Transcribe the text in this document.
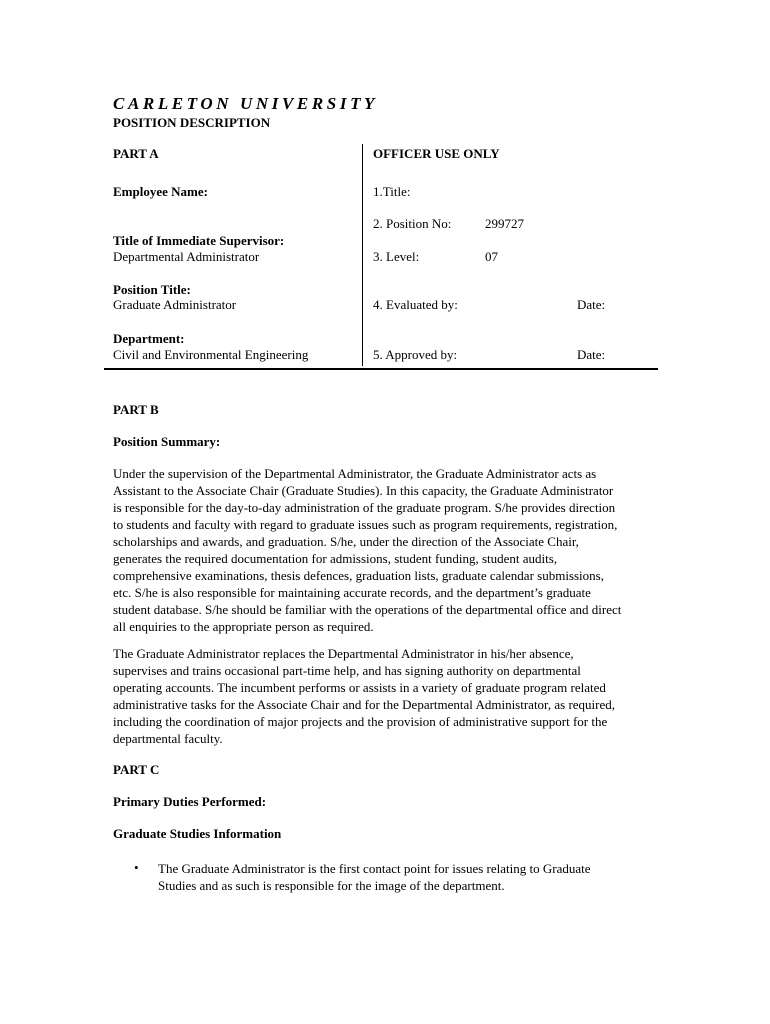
CARLETON UNIVERSITY
POSITION DESCRIPTION
PART A
Employee Name:
Title of Immediate Supervisor:
Departmental Administrator
Position Title:
Graduate Administrator
Department:
Civil and Environmental Engineering
OFFICER USE ONLY
1.Title:
2. Position No:	299727
3. Level:	07
4. Evaluated by:	Date:
5. Approved by:	Date:
PART B
Position Summary:
Under the supervision of the Departmental Administrator, the Graduate Administrator acts as
Assistant to the Associate Chair (Graduate Studies). In this capacity, the Graduate Administrator
is responsible for the day-to-day administration of the graduate program. S/he provides direction
to students and faculty with regard to graduate issues such as program requirements, registration,
scholarships and awards, and graduation. S/he, under the direction of the Associate Chair,
generates the required documentation for admissions, student funding, student audits,
comprehensive examinations, thesis defences, graduation lists, graduate calendar submissions,
etc. S/he is also responsible for maintaining accurate records, and the department’s graduate
student database. S/he should be familiar with the operations of the departmental office and direct
all enquiries to the appropriate person as required.
The Graduate Administrator replaces the Departmental Administrator in his/her absence,
supervises and trains occasional part-time help, and has signing authority on departmental
operating accounts. The incumbent performs or assists in a variety of graduate program related
administrative tasks for the Associate Chair and for the Departmental Administrator, as required,
including the coordination of major projects and the provision of administrative support for the
departmental faculty.
PART C
Primary Duties Performed:
Graduate Studies Information
• The Graduate Administrator is the first contact point for issues relating to Graduate
Studies and as such is responsible for the image of the department.
